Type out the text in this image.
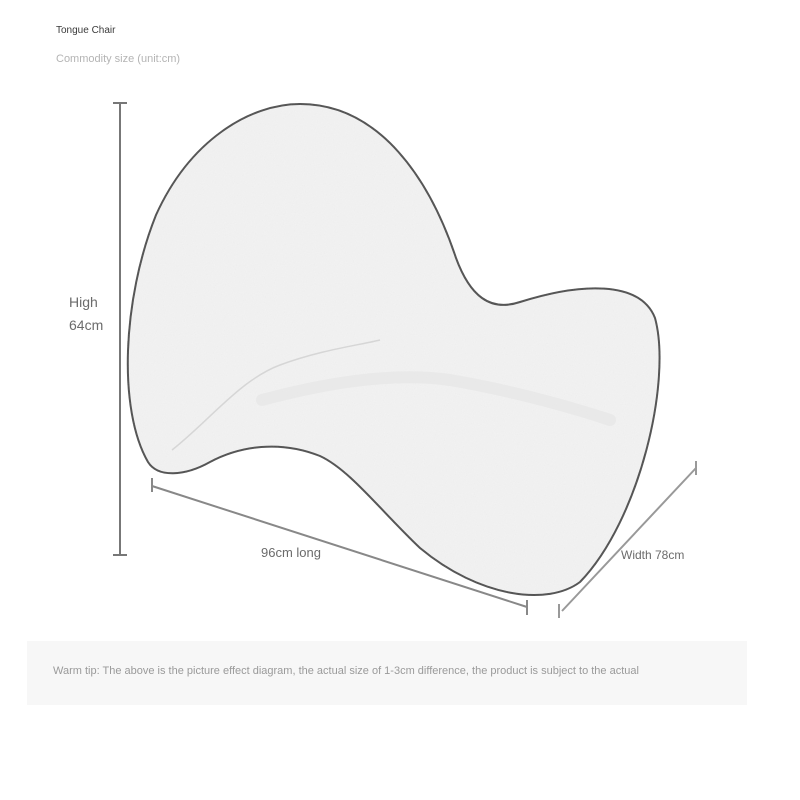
Tongue Chair
Commodity size (unit:cm)
High
64cm
96cm long	Width 78cm
Warm tip: The above is the picture effect diagram, the actual size of 1-3cm difference, the product is subject to the actual
